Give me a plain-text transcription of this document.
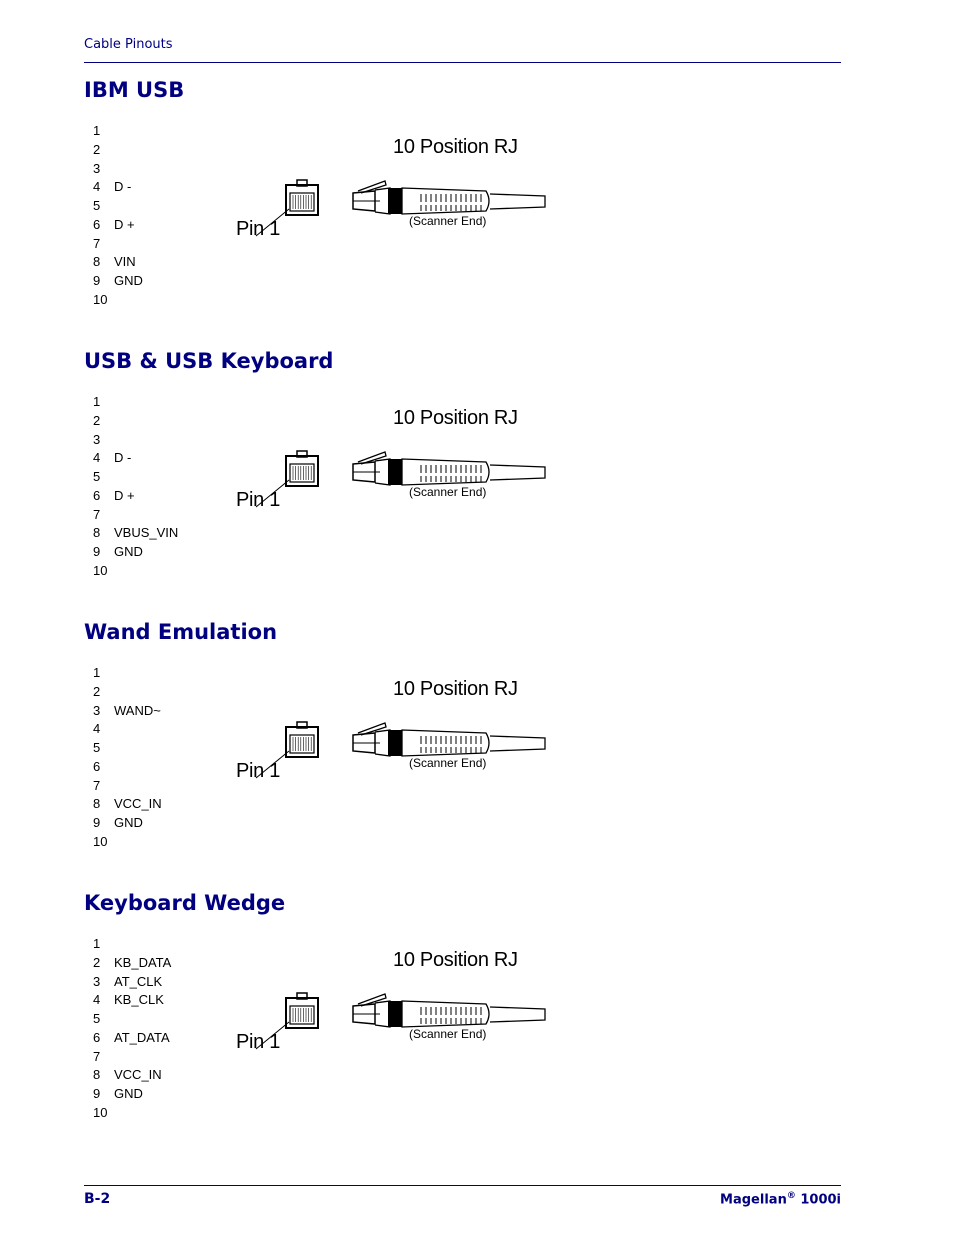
Cable Pinouts
IBM USB
1
2
3
4 D -
5
6 D +
7
8 VIN
9 GND
10
10 Position RJ
Pin 1	(Scanner End)
USB & USB Keyboard
1
2
3
4 D -
5
6 D +
7
8 VBUS_VIN
9 GND
10
10 Position RJ
Pin 1	(Scanner End)
Wand Emulation
1
2
3 WAND~
4
5
6
7
8 VCC_IN
9 GND
10
10 Position RJ
Pin 1	(Scanner End)
Keyboard Wedge
1
2 KB_DATA
3 AT_CLK
4 KB_CLK
5
6 AT_DATA
7
8 VCC_IN
9 GND
10
10 Position RJ
Pin 1	(Scanner End)
B-2	Magellan® 1000i
